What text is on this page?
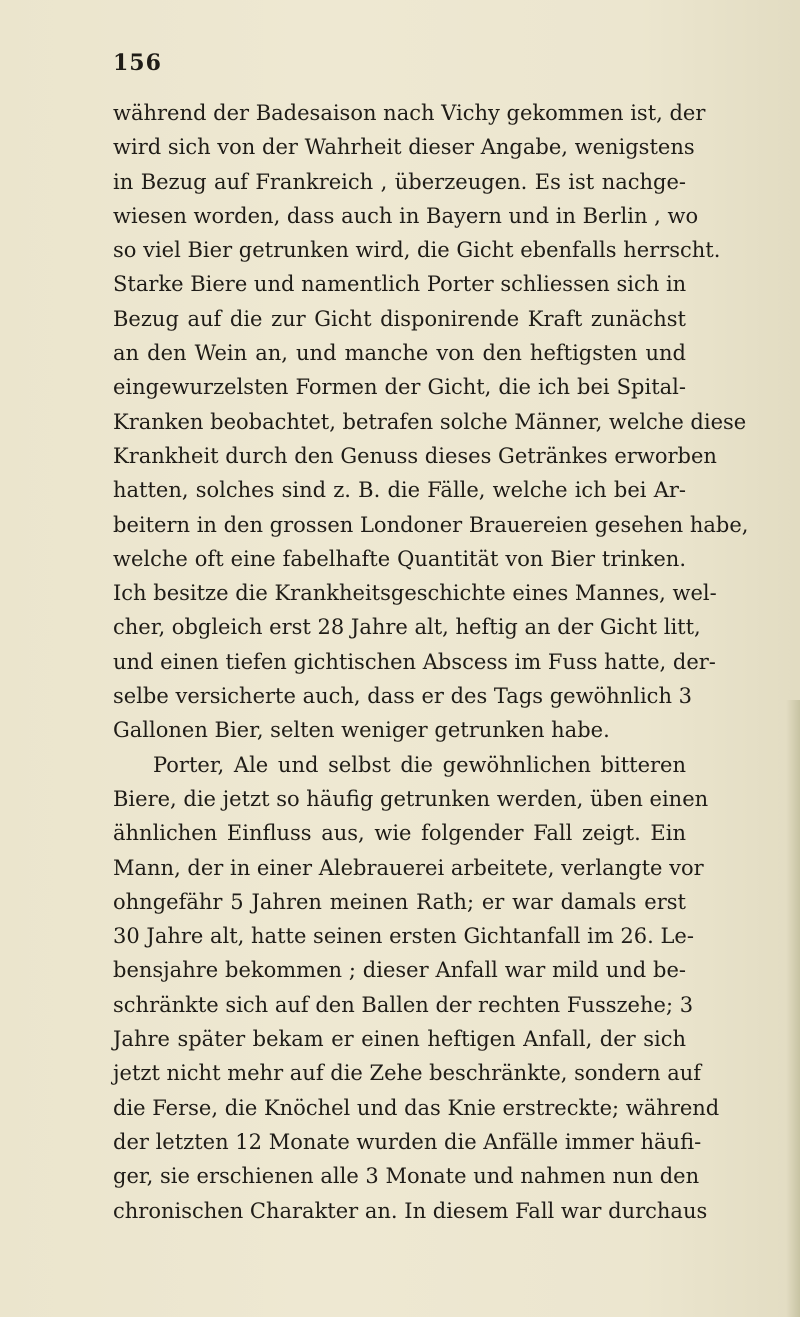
156
während der Badesaison nach Vichy gekommen ist, der
wird sich von der Wahrheit dieser Angabe, wenigstens
in Bezug auf Frankreich , überzeugen. Es ist nachge-
wiesen worden, dass auch in Bayern und in Berlin , wo
so viel Bier getrunken wird, die Gicht ebenfalls herrscht.
Starke Biere und namentlich Porter schliessen sich in
Bezug auf die zur Gicht disponirende Kraft zunächst
an den Wein an, und manche von den heftigsten und
eingewurzelsten Formen der Gicht, die ich bei Spital-
Kranken beobachtet, betrafen solche Männer, welche diese
Krankheit durch den Genuss dieses Getränkes erworben
hatten, solches sind z. B. die Fälle, welche ich bei Ar-
beitern in den grossen Londoner Brauereien gesehen habe,
welche oft eine fabelhafte Quantität von Bier trinken.
Ich besitze die Krankheitsgeschichte eines Mannes, wel-
cher, obgleich erst 28 Jahre alt, heftig an der Gicht litt,
und einen tiefen gichtischen Abscess im Fuss hatte, der-
selbe versicherte auch, dass er des Tags gewöhnlich 3
Gallonen Bier, selten weniger getrunken habe.
Porter, Ale und selbst die gewöhnlichen bitteren
Biere, die jetzt so häufig getrunken werden, üben einen
ähnlichen Einfluss aus, wie folgender Fall zeigt. Ein
Mann, der in einer Alebrauerei arbeitete, verlangte vor
ohngefähr 5 Jahren meinen Rath; er war damals erst
30 Jahre alt, hatte seinen ersten Gichtanfall im 26. Le-
bensjahre bekommen ; dieser Anfall war mild und be-
schränkte sich auf den Ballen der rechten Fusszehe; 3
Jahre später bekam er einen heftigen Anfall, der sich
jetzt nicht mehr auf die Zehe beschränkte, sondern auf
die Ferse, die Knöchel und das Knie erstreckte; während
der letzten 12 Monate wurden die Anfälle immer häufi-
ger, sie erschienen alle 3 Monate und nahmen nun den
chronischen Charakter an. In diesem Fall war durchaus
